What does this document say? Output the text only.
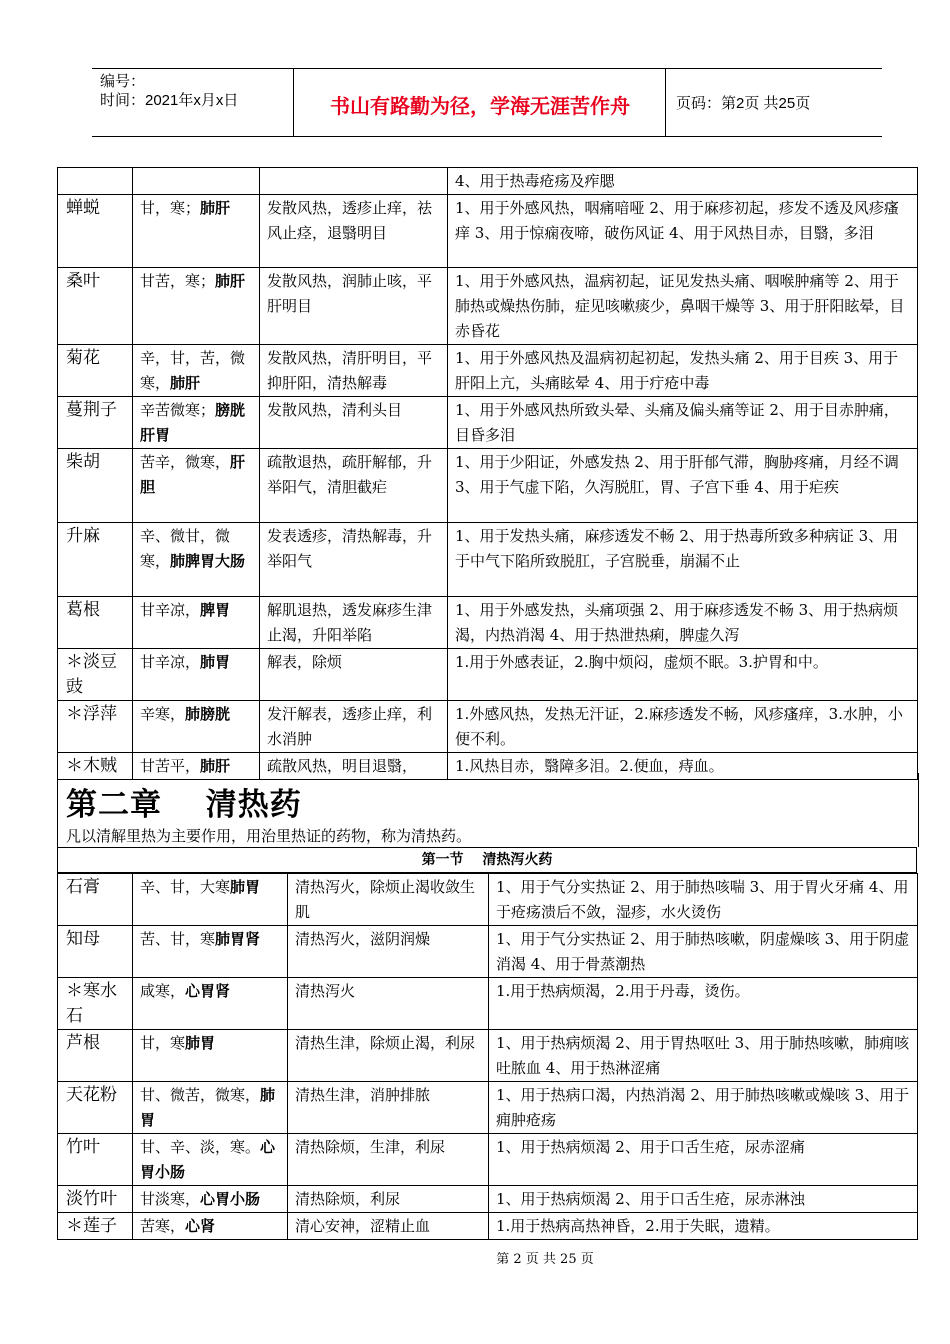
编号：
时间：2021年x月x日	书山有路勤为径，学海无涯苦作舟	页码：第2页 共25页
			4、用于热毒疮疡及痄腮
蝉蜕	甘，寒；肺肝	发散风热，透疹止痒，祛风止痉，退翳明目	1、用于外感风热，咽痛喑哑 2、用于麻疹初起，疹发不透及风疹瘙痒 3、用于惊痫夜啼，破伤风证 4、用于风热目赤，目翳，多泪
桑叶	甘苦，寒；肺肝	发散风热，润肺止咳，平肝明目	1、用于外感风热，温病初起，证见发热头痛、咽喉肿痛等 2、用于肺热或燥热伤肺，症见咳嗽痰少，鼻咽干燥等 3、用于肝阳眩晕，目赤昏花
菊花	辛，甘，苦，微寒，肺肝	发散风热，清肝明目，平抑肝阳，清热解毒	1、用于外感风热及温病初起初起，发热头痛 2、用于目疾 3、用于肝阳上亢，头痛眩晕 4、用于疔疮中毒
蔓荆子	辛苦微寒；膀胱肝胃	发散风热，清利头目	1、用于外感风热所致头晕、头痛及偏头痛等证 2、用于目赤肿痛，目昏多泪
柴胡	苦辛，微寒，肝胆	疏散退热，疏肝解郁，升举阳气，清胆截疟	1、用于少阳证，外感发热 2、用于肝郁气滞，胸胁疼痛，月经不调 3、用于气虚下陷，久泻脱肛，胃、子宫下垂 4、用于疟疾
升麻	辛、微甘，微寒，肺脾胃大肠	发表透疹，清热解毒，升举阳气	1、用于发热头痛，麻疹透发不畅 2、用于热毒所致多种病证 3、用于中气下陷所致脱肛，子宫脱垂，崩漏不止
葛根	甘辛凉，脾胃	解肌退热，透发麻疹生津止渴，升阳举陷	1、用于外感发热，头痛项强 2、用于麻疹透发不畅 3、用于热病烦渴，内热消渴 4、用于热泄热痢，脾虚久泻
＊淡豆豉	甘辛凉，肺胃	解表，除烦	1.用于外感表证，2.胸中烦闷，虚烦不眠。3.护胃和中。
＊浮萍	辛寒，肺膀胱	发汗解表，透疹止痒，利水消肿	1.外感风热，发热无汗证，2.麻疹透发不畅，风疹瘙痒，3.水肿，小便不利。
＊木贼	甘苦平，肺肝	疏散风热，明目退翳，	1.风热目赤，翳障多泪。2.便血，痔血。
第二章　 清热药
凡以清解里热为主要作用，用治里热证的药物，称为清热药。
第一节　 清热泻火药
石膏	辛、甘，大寒肺胃	清热泻火，除烦止渴收敛生肌	1、用于气分实热证 2、用于肺热咳喘 3、用于胃火牙痛 4、用于疮疡溃后不敛，湿疹，水火烫伤
知母	苦、甘，寒肺胃肾	清热泻火，滋阴润燥	1、用于气分实热证 2、用于肺热咳嗽，阴虚燥咳 3、用于阴虚消渴 4、用于骨蒸潮热
＊寒水石	咸寒，心胃肾	清热泻火	1.用于热病烦渴，2.用于丹毒，烫伤。
芦根	甘，寒肺胃	清热生津，除烦止渴，利尿	1、用于热病烦渴 2、用于胃热呕吐 3、用于肺热咳嗽，肺痈咳吐脓血 4、用于热淋涩痛
天花粉	甘、微苦，微寒，肺胃	清热生津，消肿排脓	1、用于热病口渴，内热消渴 2、用于肺热咳嗽或燥咳 3、用于痈肿疮疡
竹叶	甘、辛、淡，寒。心胃小肠	清热除烦，生津，利尿	1、用于热病烦渴 2、用于口舌生疮，尿赤涩痛
淡竹叶	甘淡寒，心胃小肠	清热除烦，利尿	1、用于热病烦渴 2、用于口舌生疮，尿赤淋浊
＊莲子	苦寒，心肾	清心安神，涩精止血	1.用于热病高热神昏，2.用于失眠，遗精。
第 2 页 共 25 页
